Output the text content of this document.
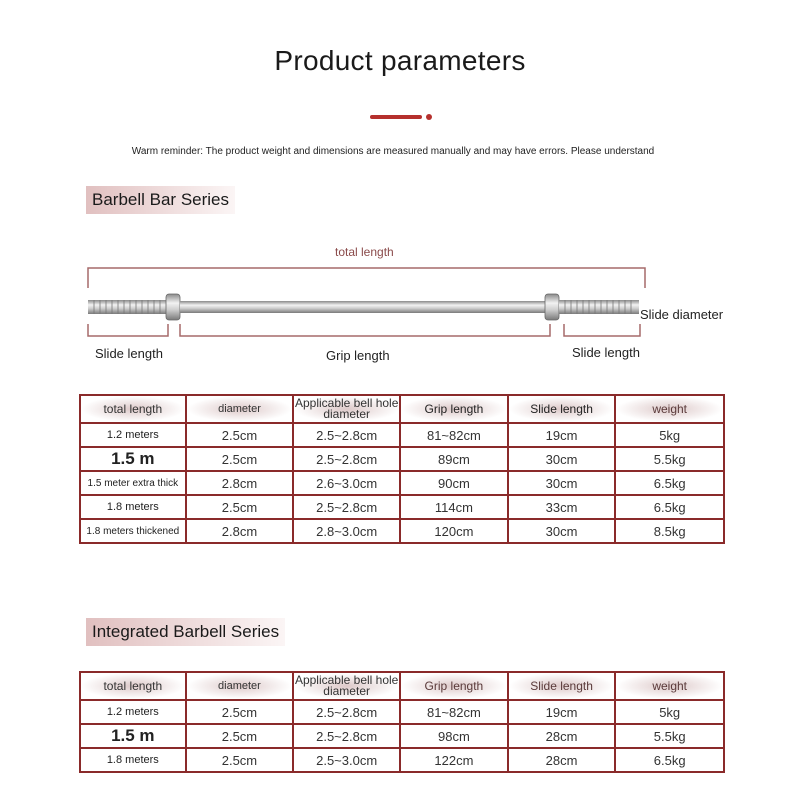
Product parameters
Warm reminder: The product weight and dimensions are measured manually and may have errors. Please understand
Barbell Bar Series
total length
Slide length	Grip length	Slide length
Slide diameter
total length	diameter	Applicable bell hole diameter	Grip length	Slide length	weight
1.2 meters	2.5cm	2.5~2.8cm	81~82cm	19cm	5kg
1.5 m	2.5cm	2.5~2.8cm	89cm	30cm	5.5kg
1.5 meter extra thick	2.8cm	2.6~3.0cm	90cm	30cm	6.5kg
1.8 meters	2.5cm	2.5~2.8cm	114cm	33cm	6.5kg
1.8 meters thickened	2.8cm	2.8~3.0cm	120cm	30cm	8.5kg
Integrated Barbell Series
total length	diameter	Applicable bell hole diameter	Grip length	Slide length	weight
1.2 meters	2.5cm	2.5~2.8cm	81~82cm	19cm	5kg
1.5 m	2.5cm	2.5~2.8cm	98cm	28cm	5.5kg
1.8 meters	2.5cm	2.5~3.0cm	122cm	28cm	6.5kg
